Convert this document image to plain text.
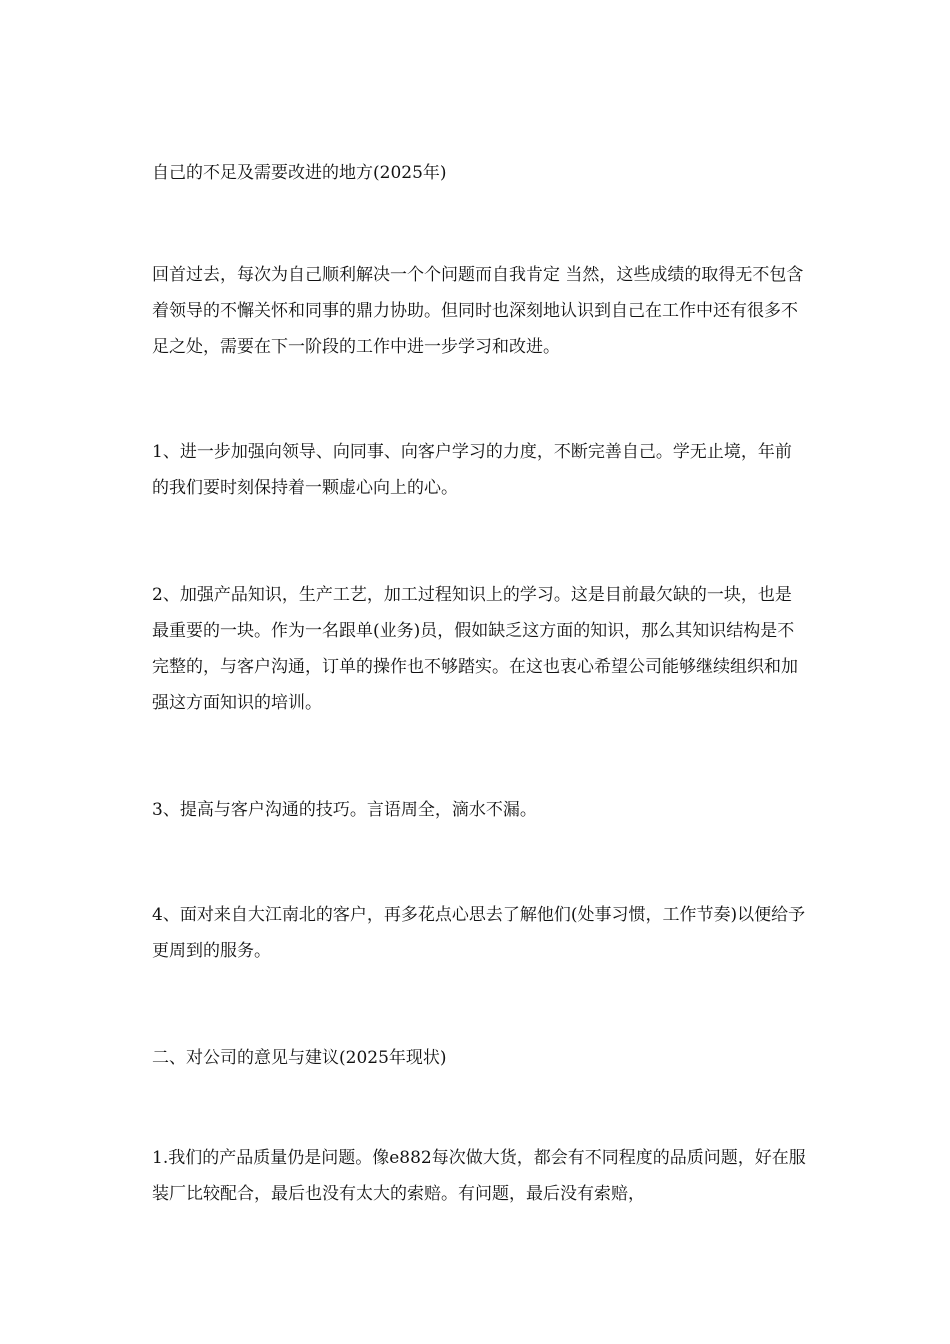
自己的不足及需要改进的地方(2025年)

回首过去，每次为自己顺利解决一个个问题而自我肯定 当然，这些成绩的取得无不包含着领导的不懈关怀和同事的鼎力协助。但同时也深刻地认识到自己在工作中还有很多不足之处，需要在下一阶段的工作中进一步学习和改进。

1、进一步加强向领导、向同事、向客户学习的力度，不断完善自己。学无止境，年前的我们要时刻保持着一颗虚心向上的心。

2、加强产品知识，生产工艺，加工过程知识上的学习。这是目前最欠缺的一块，也是最重要的一块。作为一名跟单(业务)员，假如缺乏这方面的知识，那么其知识结构是不完整的，与客户沟通，订单的操作也不够踏实。在这也衷心希望公司能够继续组织和加强这方面知识的培训。

3、提高与客户沟通的技巧。言语周全，滴水不漏。

4、面对来自大江南北的客户，再多花点心思去了解他们(处事习惯，工作节奏)以便给予更周到的服务。

二、对公司的意见与建议(2025年现状)

1.我们的产品质量仍是问题。像e882每次做大货，都会有不同程度的品质问题，好在服装厂比较配合，最后也没有太大的索赔。有问题，最后没有索赔，
